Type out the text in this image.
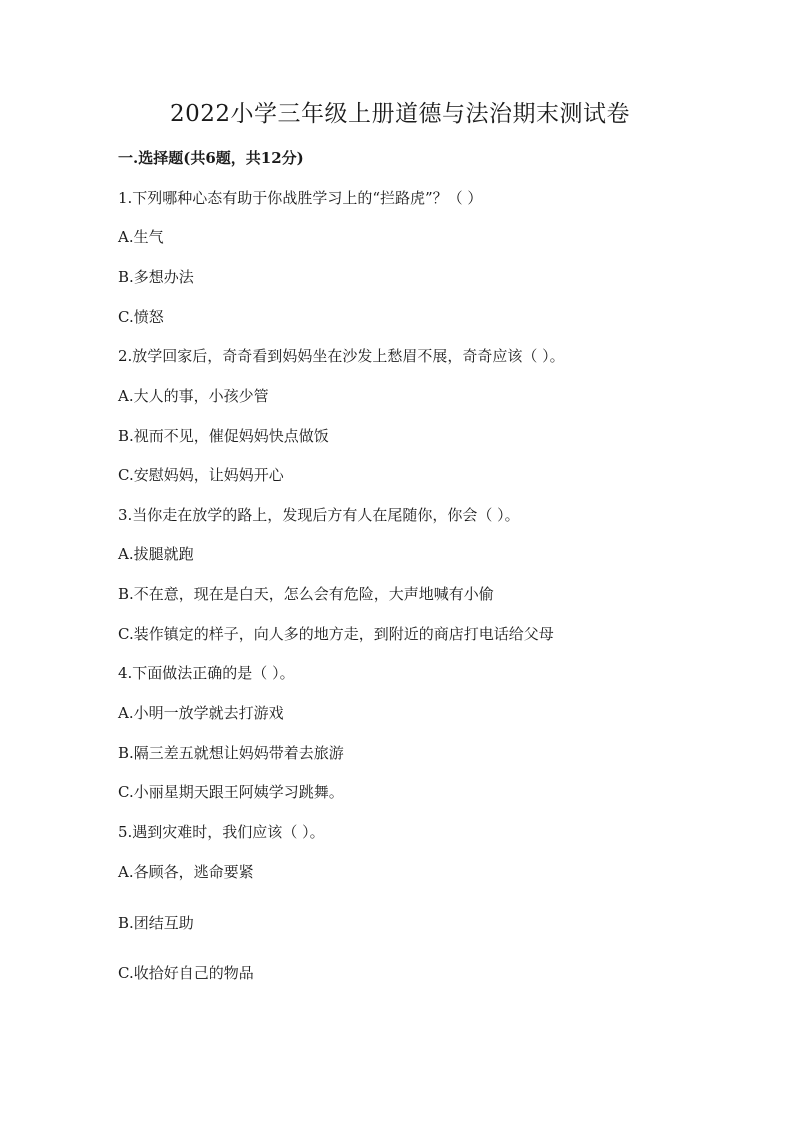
2022小学三年级上册道德与法治期末测试卷
一.选择题(共6题，共12分)
1.下列哪种心态有助于你战胜学习上的“拦路虎”？（ ）
A.生气
B.多想办法
C.愤怒
2.放学回家后，奇奇看到妈妈坐在沙发上愁眉不展，奇奇应该（ ）。
A.大人的事，小孩少管
B.视而不见，催促妈妈快点做饭
C.安慰妈妈，让妈妈开心
3.当你走在放学的路上，发现后方有人在尾随你，你会（ ）。
A.拔腿就跑
B.不在意，现在是白天，怎么会有危险，大声地喊有小偷
C.装作镇定的样子，向人多的地方走，到附近的商店打电话给父母
4.下面做法正确的是（ ）。
A.小明一放学就去打游戏
B.隔三差五就想让妈妈带着去旅游
C.小丽星期天跟王阿姨学习跳舞。
5.遇到灾难时，我们应该（ ）。
A.各顾各，逃命要紧
B.团结互助
C.收拾好自己的物品
